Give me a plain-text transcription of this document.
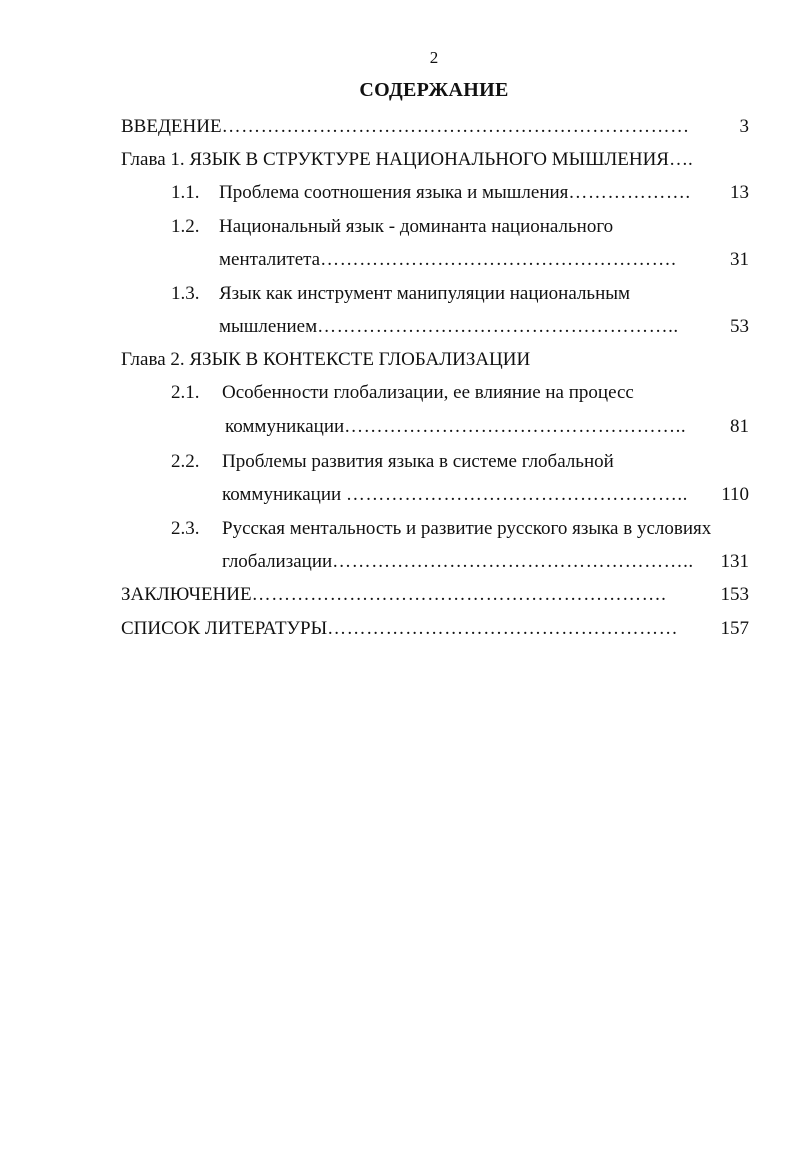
2
СОДЕРЖАНИЕ
ВВЕДЕНИЕ………………………………………………………………	3
Глава 1. ЯЗЫК В СТРУКТУРЕ НАЦИОНАЛЬНОГО МЫШЛЕНИЯ….
1.1. Проблема соотношения языка и мышления……………….	13
1.2. Национальный язык - доминанта национального
менталитета……………………………………………….	31
1.3. Язык как инструмент манипуляции национальным
мышлением………………………………………………..	53
Глава 2. ЯЗЫК В КОНТЕКСТЕ ГЛОБАЛИЗАЦИИ
2.1. Особенности глобализации, ее влияние на процесс
коммуникации……………………………………………..	81
2.2. Проблемы развития языка в системе глобальной
коммуникации ……………………………………………..	110
2.3. Русская ментальность и развитие русского языка в условиях
глобализации………………………………………………..	131
ЗАКЛЮЧЕНИЕ……………………………………………………….	153
СПИСОК ЛИТЕРАТУРЫ………………………………………………	157
